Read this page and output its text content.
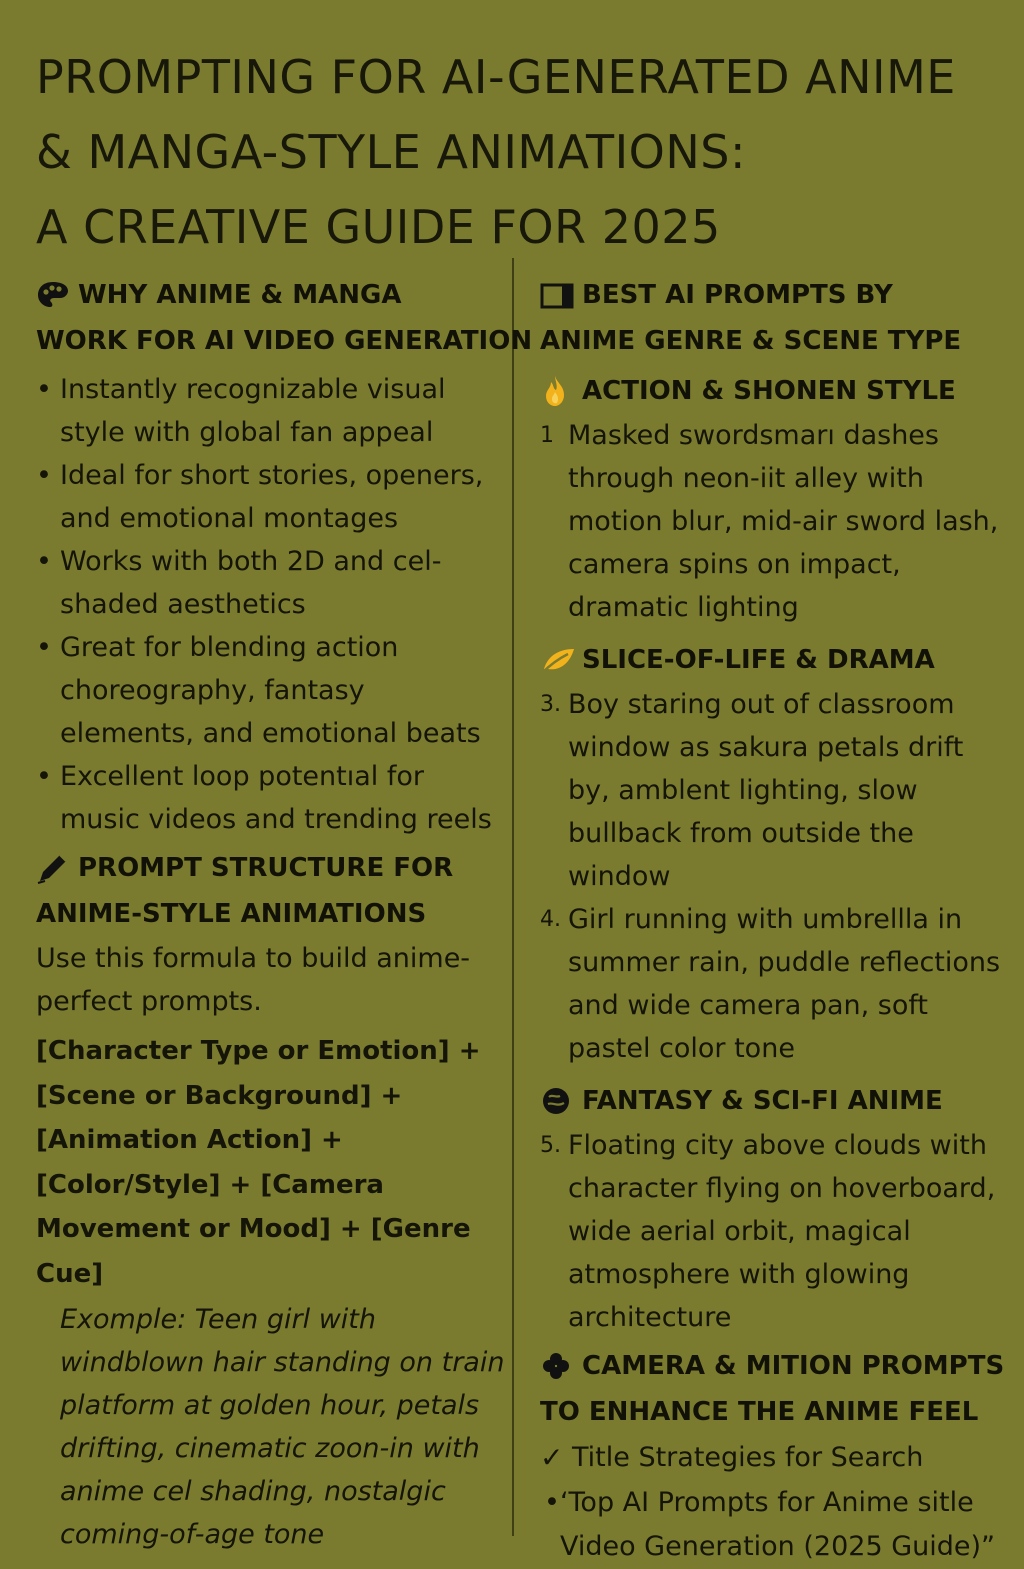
PROMPTING FOR AI-GENERATED ANIME
& MANGA-STYLE ANIMATIONS:
A CREATIVE GUIDE FOR 2025
WHY ANIME & MANGA
WORK FOR AI VIDEO GENERATION
• Instantly recognizable visual style with global fan appeal
• Ideal for short stories, openers, and emotional montages
• Works with both 2D and cel-shaded aesthetics
• Great for blending action choreography, fantasy elements, and emotional beats
• Excellent loop potentıal for music videos and trending reels
PROMPT STRUCTURE FOR
ANIME-STYLE ANIMATIONS
Use this formula to build anime-perfect prompts.
[Character Type or Emotion] + [Scene or Background] + [Animation Action] + [Color/Style] + [Camera Movement or Mood] + [Genre Cue]
Exomple: Teen girl with windblown hair standing on train platform at golden hour, petals drifting, cinematic zoon-in with anime cel shading, nostalgic coming-of-age tone
BEST AI PROMPTS BY
ANIME GENRE & SCENE TYPE
ACTION & SHONEN STYLE
1 Masked swordsmarı dashes through neon-iit alley with motion blur, mid-air sword lash, camera spins on impact, dramatic lighting
SLICE-OF-LIFE & DRAMA
3. Boy staring out of classroom window as sakura petals drift by, amblent lighting, slow bullback from outside the window
4. Girl running with umbrellla in summer rain, puddle reflections and wide camera pan, soft pastel color tone
FANTASY & SCI-FI ANIME
5. Floating city above clouds with character flying on hoverboard, wide aerial orbit, magical atmosphere with glowing architecture
CAMERA & MITION PROMPTS
TO ENHANCE THE ANIME FEEL
✓ Title Strategies for Search
• ‘Top AI Prompts for Anime sitle Video Generation (2025 Guide)”
